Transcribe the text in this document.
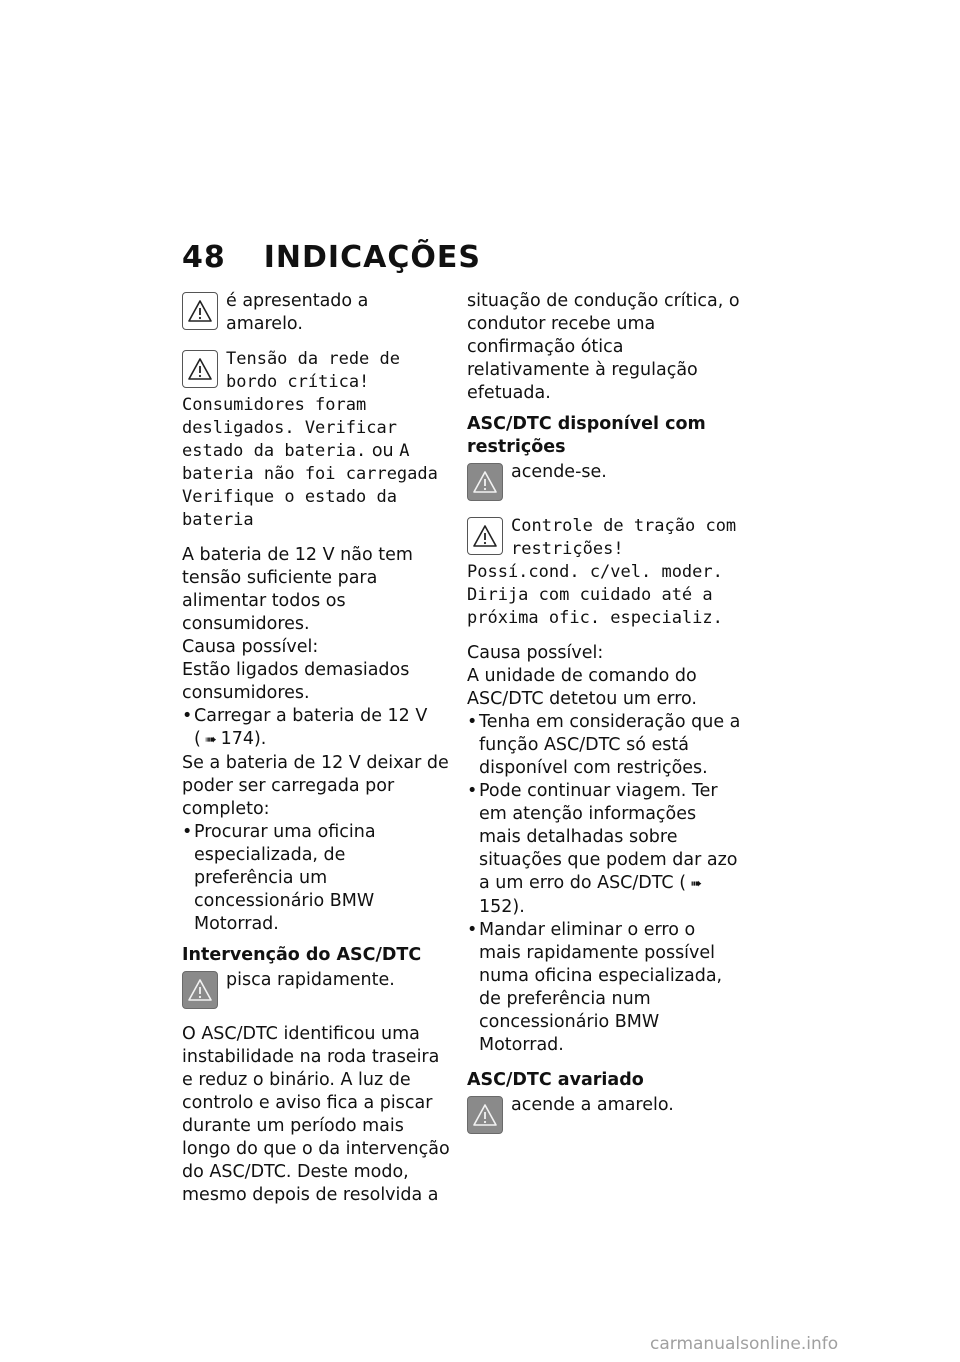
48 INDICAÇÕES

é apresentado a amarelo.

Tensão da rede de bordo crítica! Consumidores foram desligados. Verificar estado da bateria. ou A bateria não foi carregada Verifique o estado da bateria

A bateria de 12 V não tem tensão suficiente para alimentar todos os consumidores.

Causa possível:

Estão ligados demasiados consumidores.

• Carregar a bateria de 12 V
( ➠ 174).

Se a bateria de 12 V deixar de poder ser carregada por completo:

• Procurar uma oficina especializada, de preferência um concessionário BMW Motorrad.

Intervenção do ASC/DTC

pisca rapidamente.

O ASC/DTC identificou uma instabilidade na roda traseira e reduz o binário. A luz de controlo e aviso fica a piscar durante um período mais longo do que o da intervenção do ASC/DTC. Deste modo, mesmo depois de resolvida a

situação de condução crítica, o condutor recebe uma confirmação ótica relativamente à regulação efetuada.

ASC/DTC disponível com restrições

acende-se.

Controle de tração com restrições! Possí.cond. c/vel. moder. Dirija com cuidado até a próxima ofic. especializ.

Causa possível:

A unidade de comando do ASC/DTC detetou um erro.

• Tenha em consideração que a função ASC/DTC só está disponível com restrições.
• Pode continuar viagem. Ter em atenção informações mais detalhadas sobre situações que podem dar azo a um erro do ASC/DTC ( ➠152).
• Mandar eliminar o erro o mais rapidamente possível numa oficina especializada, de preferência num concessionário BMW Motorrad.

ASC/DTC avariado

acende a amarelo.

carmanualsonline.info
